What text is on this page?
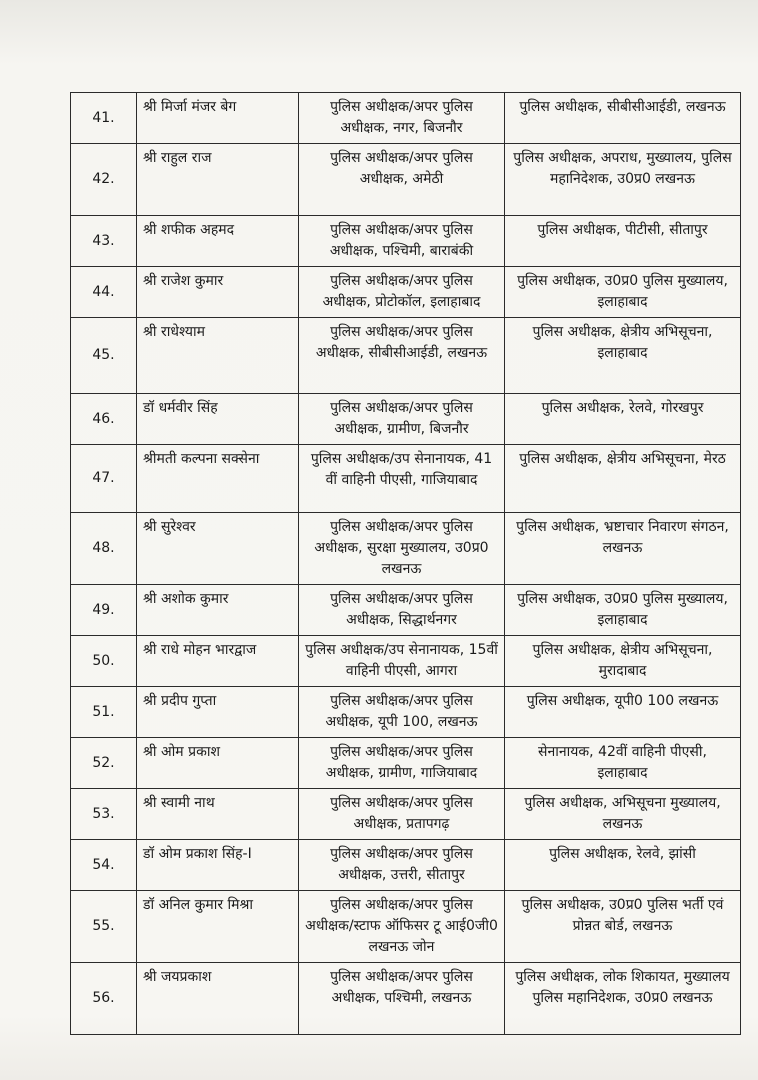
41.	श्री मिर्जा मंजर बेग	पुलिस अधीक्षक/अपर पुलिस अधीक्षक, नगर, बिजनौर	पुलिस अधीक्षक, सीबीसीआईडी, लखनऊ
42.	श्री राहुल राज	पुलिस अधीक्षक/अपर पुलिस अधीक्षक, अमेठी	पुलिस अधीक्षक, अपराध, मुख्यालय, पुलिस महानिदेशक, उ0प्र0 लखनऊ
43.	श्री शफीक अहमद	पुलिस अधीक्षक/अपर पुलिस अधीक्षक, पश्चिमी, बाराबंकी	पुलिस अधीक्षक, पीटीसी, सीतापुर
44.	श्री राजेश कुमार	पुलिस अधीक्षक/अपर पुलिस अधीक्षक, प्रोटोकॉल, इलाहाबाद	पुलिस अधीक्षक, उ0प्र0 पुलिस मुख्यालय, इलाहाबाद
45.	श्री राधेश्याम	पुलिस अधीक्षक/अपर पुलिस अधीक्षक, सीबीसीआईडी, लखनऊ	पुलिस अधीक्षक, क्षेत्रीय अभिसूचना, इलाहाबाद
46.	डॉ धर्मवीर सिंह	पुलिस अधीक्षक/अपर पुलिस अधीक्षक, ग्रामीण, बिजनौर	पुलिस अधीक्षक, रेलवे, गोरखपुर
47.	श्रीमती कल्पना सक्सेना	पुलिस अधीक्षक/उप सेनानायक, 41 वीं वाहिनी पीएसी, गाजियाबाद	पुलिस अधीक्षक, क्षेत्रीय अभिसूचना, मेरठ
48.	श्री सुरेश्वर	पुलिस अधीक्षक/अपर पुलिस अधीक्षक, सुरक्षा मुख्यालय, उ0प्र0 लखनऊ	पुलिस अधीक्षक, भ्रष्टाचार निवारण संगठन, लखनऊ
49.	श्री अशोक कुमार	पुलिस अधीक्षक/अपर पुलिस अधीक्षक, सिद्धार्थनगर	पुलिस अधीक्षक, उ0प्र0 पुलिस मुख्यालय, इलाहाबाद
50.	श्री राधे मोहन भारद्वाज	पुलिस अधीक्षक/उप सेनानायक, 15वीं वाहिनी पीएसी, आगरा	पुलिस अधीक्षक, क्षेत्रीय अभिसूचना, मुरादाबाद
51.	श्री प्रदीप गुप्ता	पुलिस अधीक्षक/अपर पुलिस अधीक्षक, यूपी 100, लखनऊ	पुलिस अधीक्षक, यूपी0 100 लखनऊ
52.	श्री ओम प्रकाश	पुलिस अधीक्षक/अपर पुलिस अधीक्षक, ग्रामीण, गाजियाबाद	सेनानायक, 42वीं वाहिनी पीएसी, इलाहाबाद
53.	श्री स्वामी नाथ	पुलिस अधीक्षक/अपर पुलिस अधीक्षक, प्रतापगढ़	पुलिस अधीक्षक, अभिसूचना मुख्यालय, लखनऊ
54.	डॉ ओम प्रकाश सिंह-I	पुलिस अधीक्षक/अपर पुलिस अधीक्षक, उत्तरी, सीतापुर	पुलिस अधीक्षक, रेलवे, झांसी
55.	डॉ अनिल कुमार मिश्रा	पुलिस अधीक्षक/अपर पुलिस अधीक्षक/स्टाफ ऑफिसर टू आई0जी0 लखनऊ जोन	पुलिस अधीक्षक, उ0प्र0 पुलिस भर्ती एवं प्रोन्नत बोर्ड, लखनऊ
56.	श्री जयप्रकाश	पुलिस अधीक्षक/अपर पुलिस अधीक्षक, पश्चिमी, लखनऊ	पुलिस अधीक्षक, लोक शिकायत, मुख्यालय पुलिस महानिदेशक, उ0प्र0 लखनऊ
